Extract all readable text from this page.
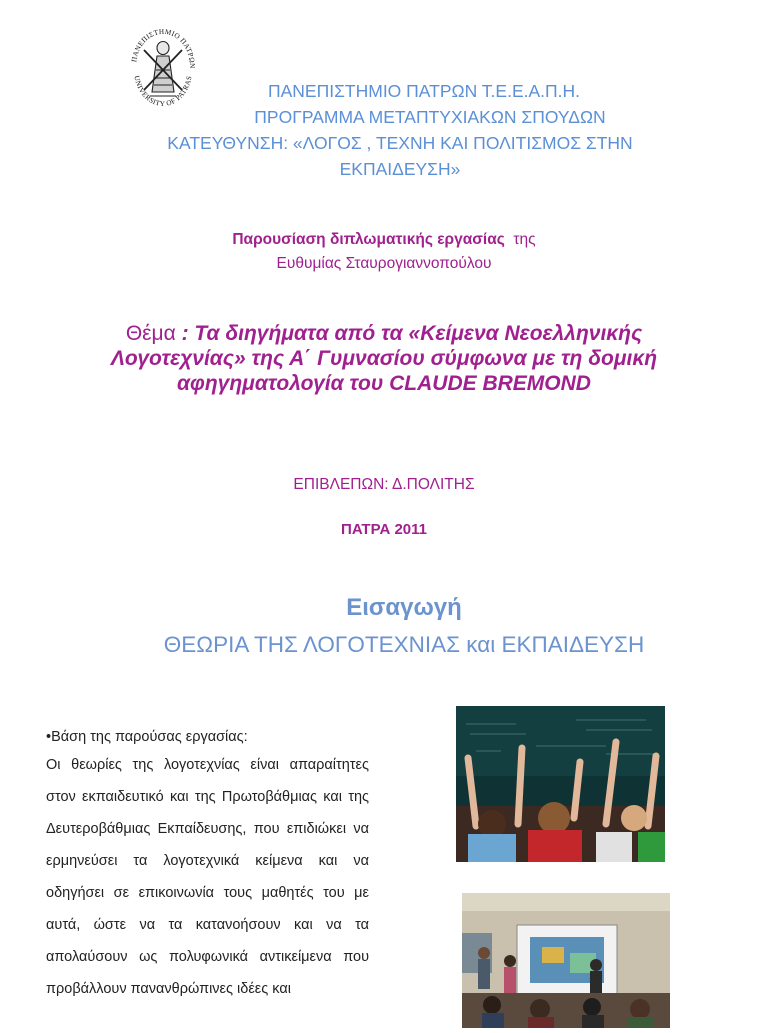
ΠΑΝΕΠΙΣΤΗΜΙΟ ΠΑΤΡΩΝ
UNIVERSITY OF PATRAS
ΠΑΝΕΠΙΣΤΗΜΙΟ ΠΑΤΡΩΝ Τ.Ε.Ε.Α.Π.Η.
ΠΡΟΓΡΑΜΜΑ ΜΕΤΑΠΤΥΧΙΑΚΩΝ ΣΠΟΥΔΩΝ
ΚΑΤΕΥΘΥΝΣΗ: «ΛΟΓΟΣ , ΤΕΧΝΗ ΚΑΙ ΠΟΛΙΤΙΣΜΟΣ ΣΤΗΝ
ΕΚΠΑΙΔΕΥΣΗ»
Παρουσίαση διπλωματικής εργασίας της
Ευθυμίας Σταυρογιαννοπούλου
Θέμα : Τα διηγήματα από τα «Κείμενα Νεοελληνικής Λογοτεχνίας» της Α΄ Γυμνασίου σύμφωνα με τη δομική αφηγηματολογία του CLAUDE BREMOND
ΕΠΙΒΛΕΠΩΝ: Δ.ΠΟΛΙΤΗΣ
ΠΑΤΡΑ 2011
Εισαγωγή
ΘΕΩΡΙΑ ΤΗΣ ΛΟΓΟΤΕΧΝΙΑΣ και ΕΚΠΑΙΔΕΥΣΗ
•Βάση της παρούσας εργασίας:
Οι θεωρίες της λογοτεχνίας είναι απαραίτητες στον εκπαιδευτικό και της Πρωτοβάθμιας και της Δευτεροβάθμιας Εκπαίδευσης, που επιδιώκει να ερμηνεύσει τα λογοτεχνικά κείμενα και να οδηγήσει σε επικοινωνία τους μαθητές του με αυτά, ώστε να τα κατανοήσουν και να τα απολαύσουν ως πολυφωνικά αντικείμενα που προβάλλουν πανανθρώπινες ιδέες και
